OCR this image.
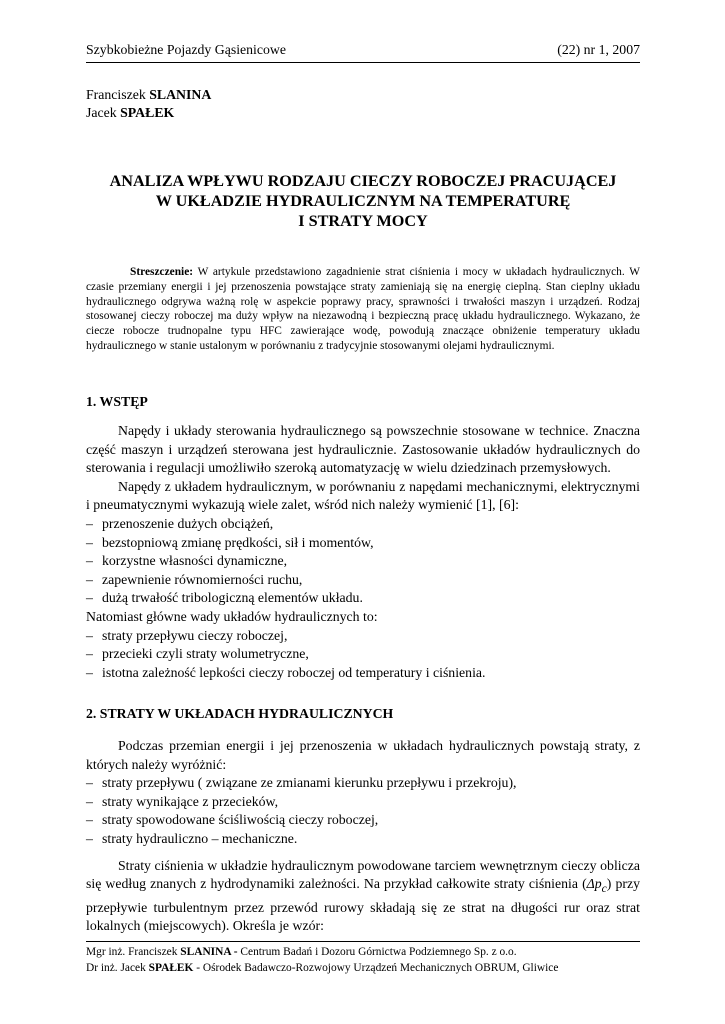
Szybkobieżne Pojazdy Gąsienicowe	(22) nr 1, 2007
Franciszek SLANINA
Jacek SPAŁEK
ANALIZA WPŁYWU RODZAJU CIECZY ROBOCZEJ PRACUJĄCEJ
W UKŁADZIE HYDRAULICZNYM NA TEMPERATURĘ
I STRATY MOCY
Streszczenie: W artykule przedstawiono zagadnienie strat ciśnienia i mocy w układach hydraulicznych. W czasie przemiany energii i jej przenoszenia powstające straty zamieniają się na energię cieplną. Stan cieplny układu hydraulicznego odgrywa ważną rolę w aspekcie poprawy pracy, sprawności i trwałości maszyn i urządzeń. Rodzaj stosowanej cieczy roboczej ma duży wpływ na niezawodną i bezpieczną pracę układu hydraulicznego. Wykazano, że ciecze robocze trudnopalne typu HFC zawierające wodę, powodują znaczące obniżenie temperatury układu hydraulicznego w stanie ustalonym w porównaniu z tradycyjnie stosowanymi olejami hydraulicznymi.
1. WSTĘP

Napędy i układy sterowania hydraulicznego są powszechnie stosowane w technice. Znaczna część maszyn i urządzeń sterowana jest hydraulicznie. Zastosowanie układów hydraulicznych do sterowania i regulacji umożliwiło szeroką automatyzację w wielu dziedzinach przemysłowych.

Napędy z układem hydraulicznym, w porównaniu z napędami mechanicznymi, elektrycznymi i pneumatycznymi wykazują wiele zalet, wśród nich należy wymienić [1], [6]:

– przenoszenie dużych obciążeń,
– bezstopniową zmianę prędkości, sił i momentów,
– korzystne własności dynamiczne,
– zapewnienie równomierności ruchu,
– dużą trwałość tribologiczną elementów układu.

Natomiast główne wady układów hydraulicznych to:

– straty przepływu cieczy roboczej,
– przecieki czyli straty wolumetryczne,
– istotna zależność lepkości cieczy roboczej od temperatury i ciśnienia.
2. STRATY W UKŁADACH HYDRAULICZNYCH

Podczas przemian energii i jej przenoszenia w układach hydraulicznych powstają straty, z których należy wyróżnić:

– straty przepływu ( związane ze zmianami kierunku przepływu i przekroju),
– straty wynikające z przecieków,
– straty spowodowane ściśliwością cieczy roboczej,
– straty hydrauliczno – mechaniczne.

Straty ciśnienia w układzie hydraulicznym powodowane tarciem wewnętrznym cieczy oblicza się według znanych z hydrodynamiki zależności. Na przykład całkowite straty ciśnienia $(\Delta p_c)$ przy przepływie turbulentnym przez przewód rurowy składają się ze strat na długości rur oraz strat lokalnych (miejscowych). Określa je wzór:

Mgr inż. Franciszek SLANINA - Centrum Badań i Dozoru Górnictwa Podziemnego Sp. z o.o.
Dr inż. Jacek SPAŁEK - Ośrodek Badawczo-Rozwojowy Urządzeń Mechanicznych OBRUM, Gliwice
